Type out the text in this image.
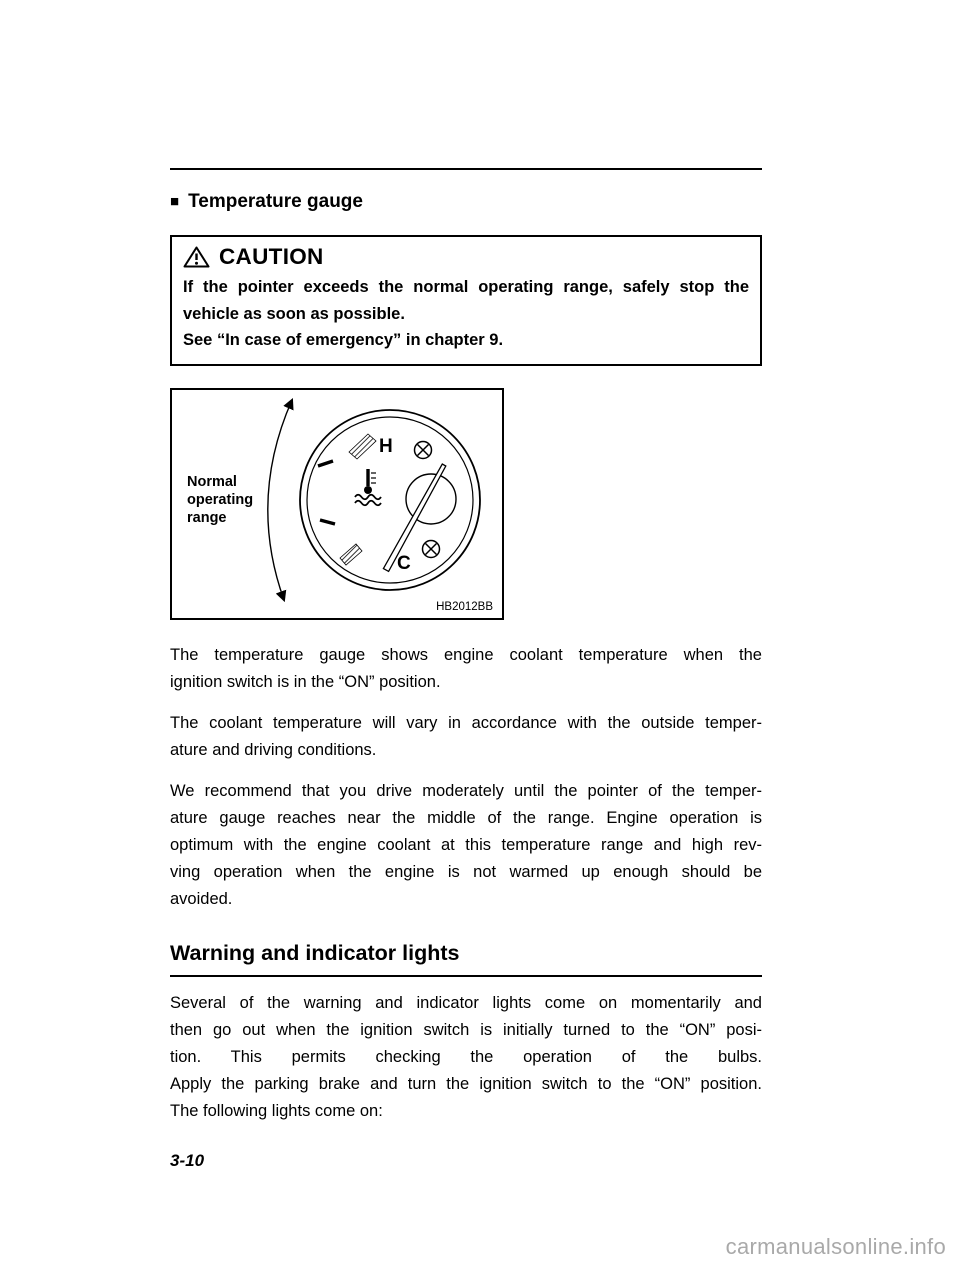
■ Temperature gauge
CAUTION
If the pointer exceeds the normal operating range, safely stop the
vehicle as soon as possible.
See “In case of emergency” in chapter 9.
H
C
Normal
operating
range
HB2012BB
The temperature gauge shows engine coolant temperature when the
ignition switch is in the “ON” position.
The coolant temperature will vary in accordance with the outside temper-
ature and driving conditions.
We recommend that you drive moderately until the pointer of the temper-
ature gauge reaches near the middle of the range. Engine operation is
optimum with the engine coolant at this temperature range and high rev-
ving operation when the engine is not warmed up enough should be
avoided.
Warning and indicator lights
Several of the warning and indicator lights come on momentarily and
then go out when the ignition switch is initially turned to the “ON” posi-
tion. This permits checking the operation of the bulbs.
Apply the parking brake and turn the ignition switch to the “ON” position.
The following lights come on:
3-10
carmanualsonline.info
